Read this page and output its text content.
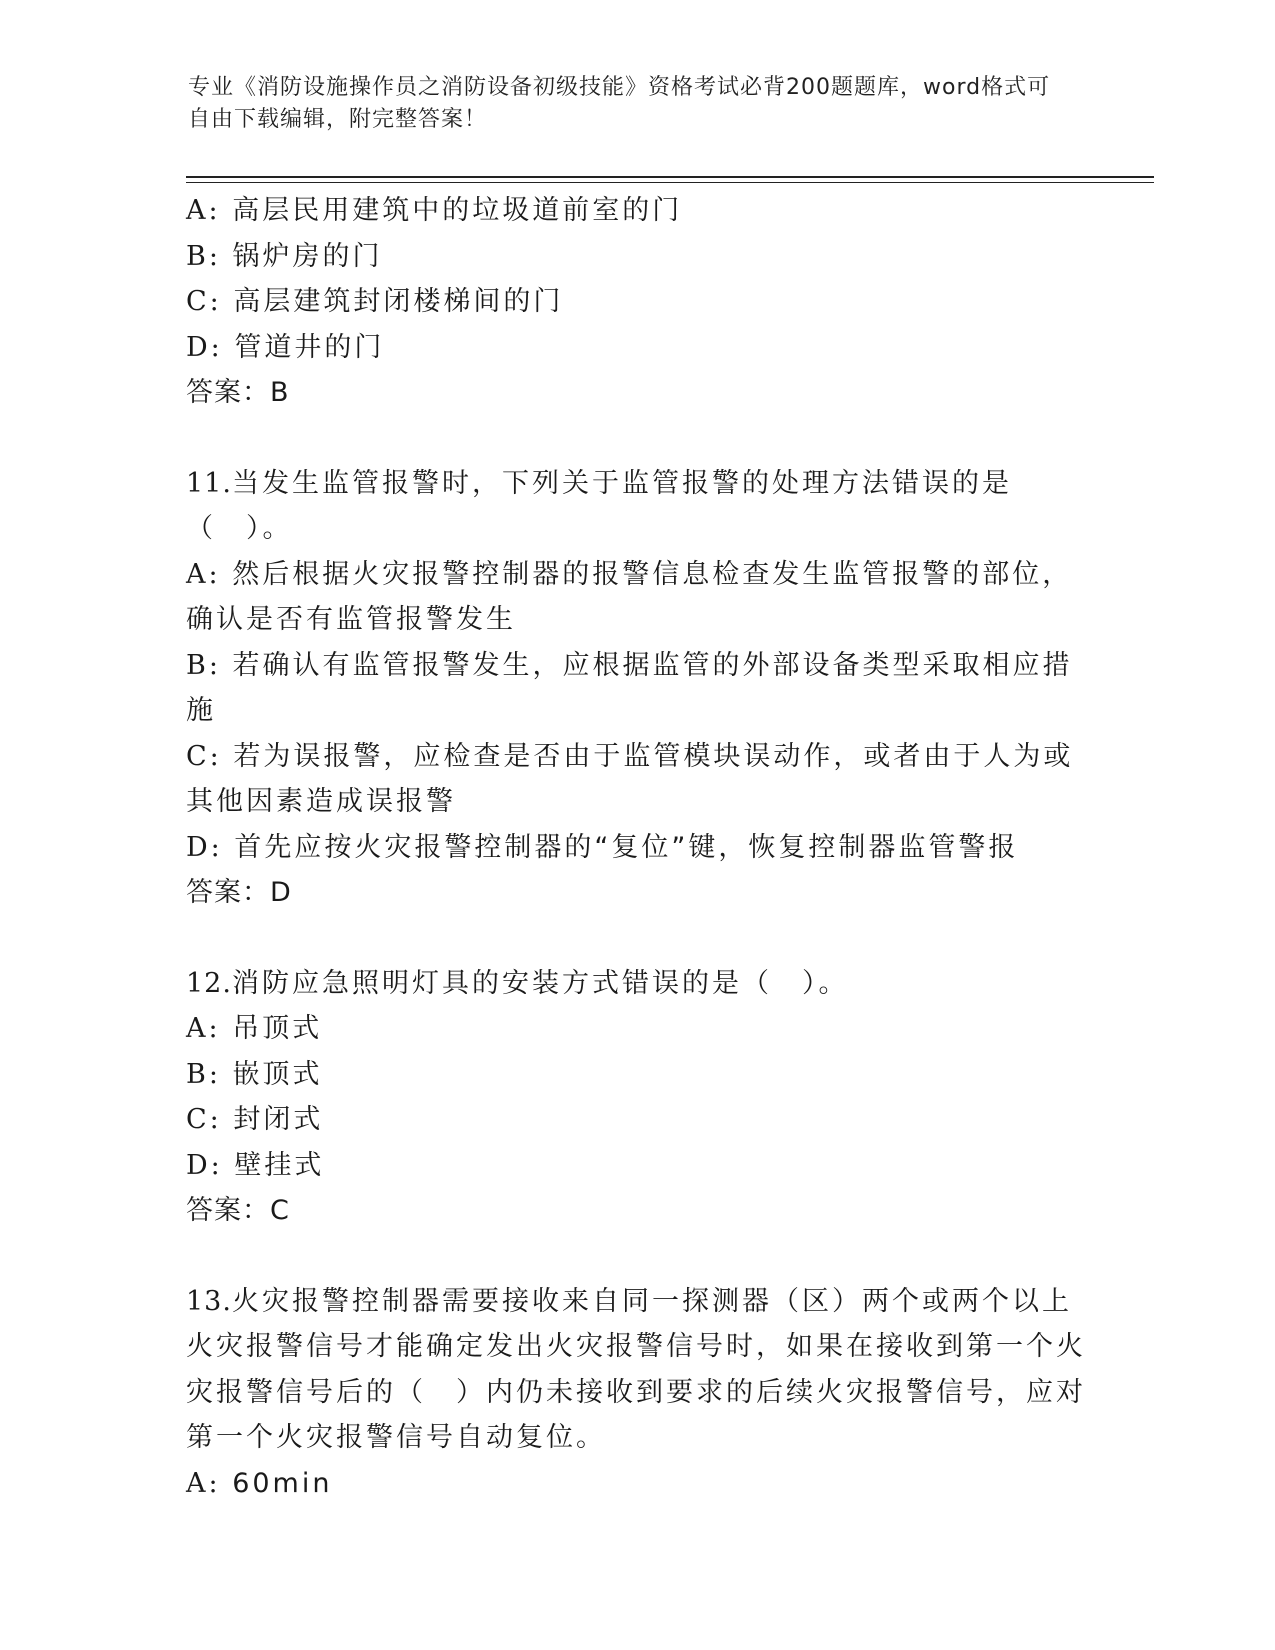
专业《消防设施操作员之消防设备初级技能》资格考试必背200题题库，word格式可自由下载编辑，附完整答案！
A: 高层民用建筑中的垃圾道前室的门
B: 锅炉房的门
C: 高层建筑封闭楼梯间的门
D: 管道井的门
答案：B
11.当发生监管报警时，下列关于监管报警的处理方法错误的是（　）。
A: 然后根据火灾报警控制器的报警信息检查发生监管报警的部位，确认是否有监管报警发生
B: 若确认有监管报警发生，应根据监管的外部设备类型采取相应措施
C: 若为误报警，应检查是否由于监管模块误动作，或者由于人为或其他因素造成误报警
D: 首先应按火灾报警控制器的“复位”键，恢复控制器监管警报
答案：D
12.消防应急照明灯具的安装方式错误的是（　）。
A: 吊顶式
B: 嵌顶式
C: 封闭式
D: 壁挂式
答案：C
13.火灾报警控制器需要接收来自同一探测器（区）两个或两个以上火灾报警信号才能确定发出火灾报警信号时，如果在接收到第一个火灾报警信号后的（　）内仍未接收到要求的后续火灾报警信号，应对第一个火灾报警信号自动复位。
A: 60min
